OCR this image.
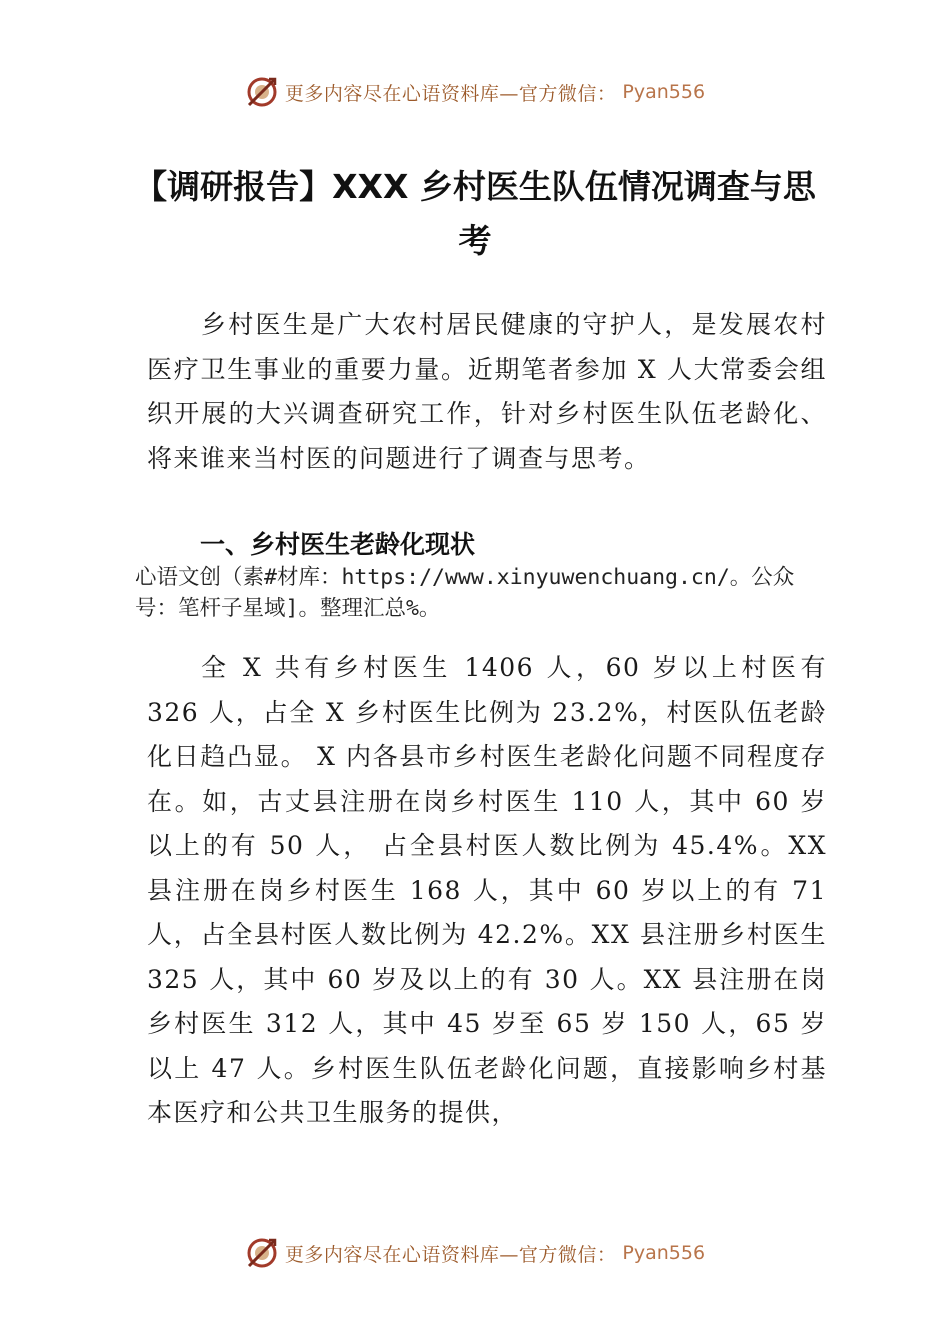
更多内容尽在心语资料库—官方微信： Pyan556
【调研报告】XXX 乡村医生队伍情况调查与思考

乡村医生是广大农村居民健康的守护人，是发展农村医疗卫生事业的重要力量。近期笔者参加 X 人大常委会组织开展的大兴调查研究工作，针对乡村医生队伍老龄化、将来谁来当村医的问题进行了调查与思考。

一、乡村医生老龄化现状

心语文创（素#材库：https://www.xinyuwenchuang.cn/。公众号：笔杆子星域]。整理汇总%。

全 X 共有乡村医生 1406 人，60 岁以上村医有 326 人，占全 X 乡村医生比例为 23.2%，村医队伍老龄化日趋凸显。 X 内各县市乡村医生老龄化问题不同程度存在。如，古丈县注册在岗乡村医生 110 人，其中 60 岁以上的有 50 人， 占全县村医人数比例为 45.4%。XX 县注册在岗乡村医生 168 人，其中 60 岁以上的有 71 人，占全县村医人数比例为 42.2%。XX 县注册乡村医生 325 人，其中 60 岁及以上的有 30 人。XX 县注册在岗乡村医生 312 人，其中 45 岁至 65 岁 150 人，65 岁以上 47 人。乡村医生队伍老龄化问题，直接影响乡村基本医疗和公共卫生服务的提供，

更多内容尽在心语资料库—官方微信： Pyan556
